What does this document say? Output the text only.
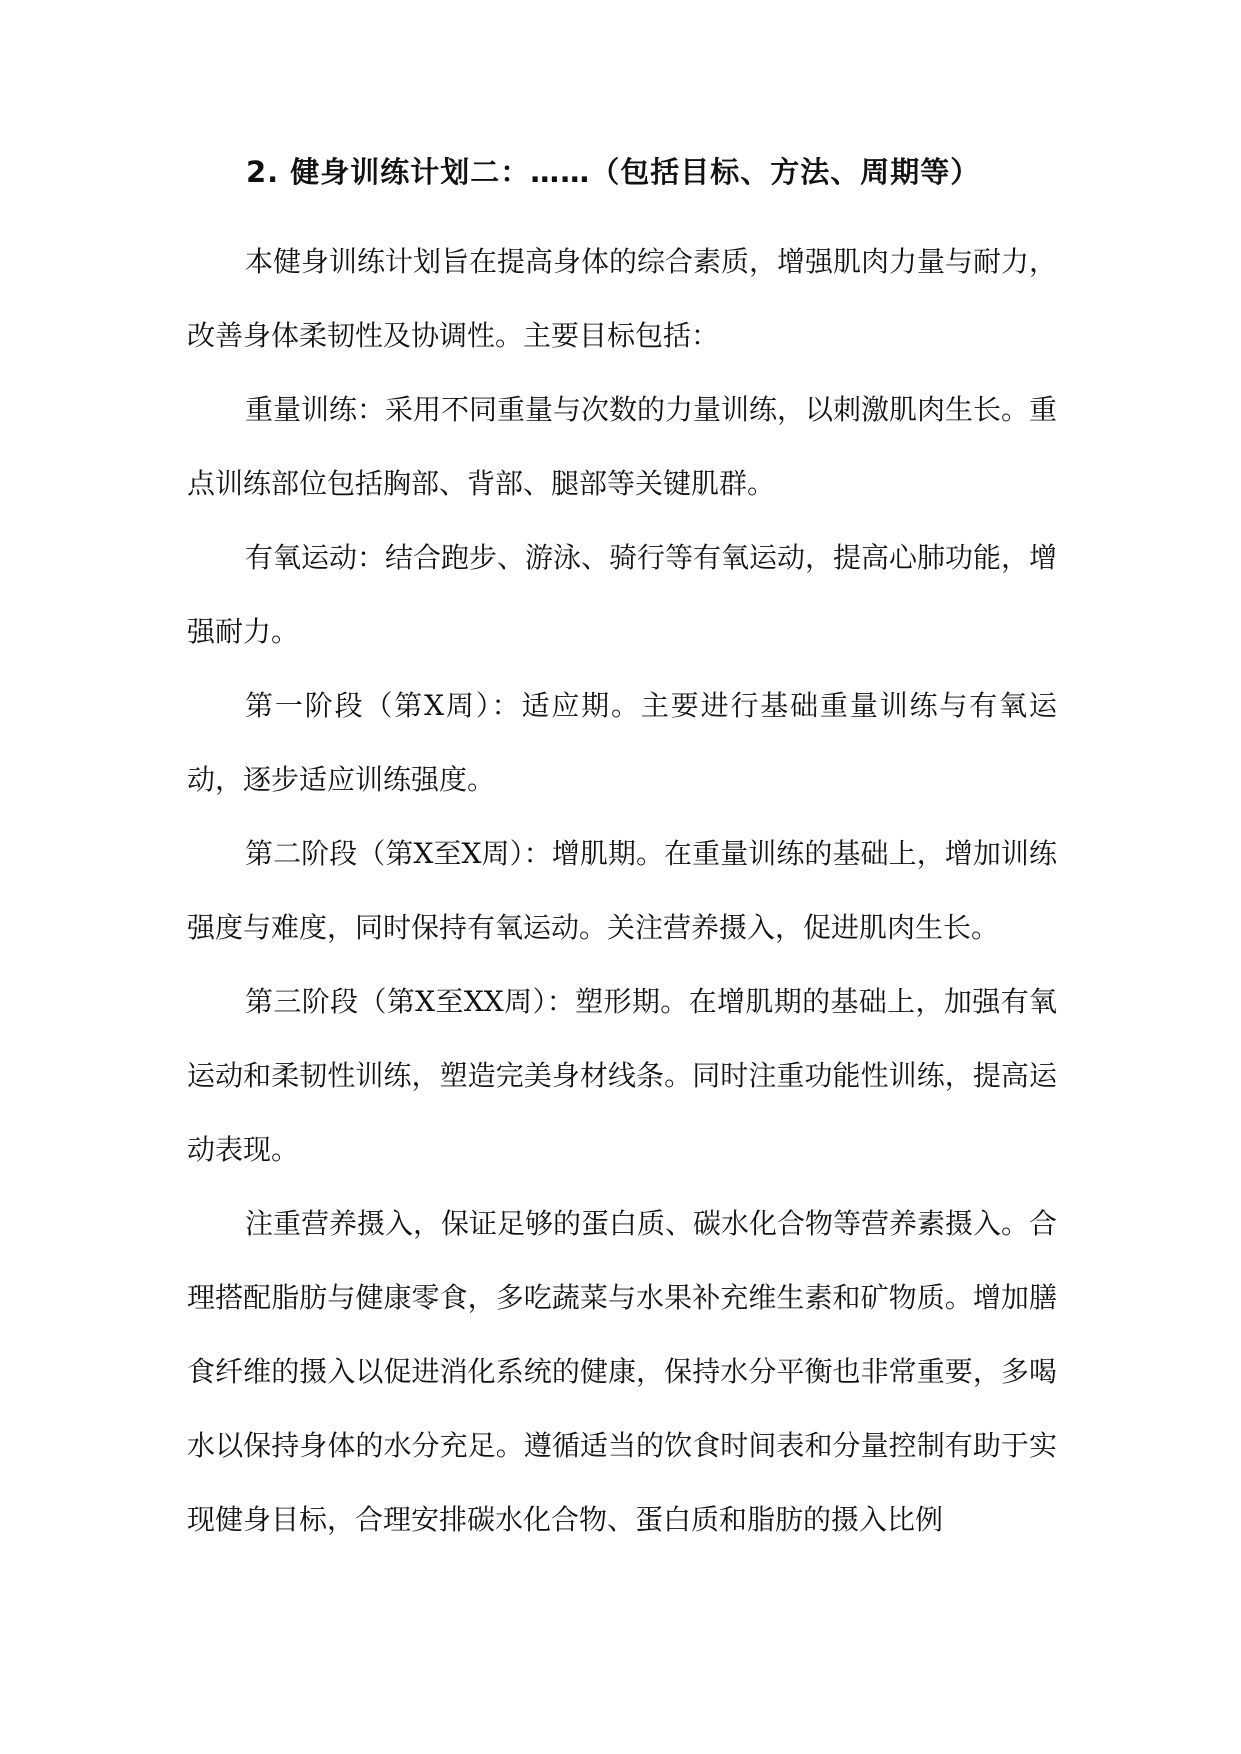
2. 健身训练计划二：……（包括目标、方法、周期等）

本健身训练计划旨在提高身体的综合素质，增强肌肉力量与耐力，改善身体柔韧性及协调性。主要目标包括：

重量训练：采用不同重量与次数的力量训练，以刺激肌肉生长。重点训练部位包括胸部、背部、腿部等关键肌群。

有氧运动：结合跑步、游泳、骑行等有氧运动，提高心肺功能，增强耐力。

第一阶段（第X周）：适应期。主要进行基础重量训练与有氧运动，逐步适应训练强度。

第二阶段（第X至X周）：增肌期。在重量训练的基础上，增加训练强度与难度，同时保持有氧运动。关注营养摄入，促进肌肉生长。

第三阶段（第X至XX周）：塑形期。在增肌期的基础上，加强有氧运动和柔韧性训练，塑造完美身材线条。同时注重功能性训练，提高运动表现。

注重营养摄入，保证足够的蛋白质、碳水化合物等营养素摄入。合理搭配脂肪与健康零食，多吃蔬菜与水果补充维生素和矿物质。增加膳食纤维的摄入以促进消化系统的健康，保持水分平衡也非常重要，多喝水以保持身体的水分充足。遵循适当的饮食时间表和分量控制有助于实现健身目标，合理安排碳水化合物、蛋白质和脂肪的摄入比例
